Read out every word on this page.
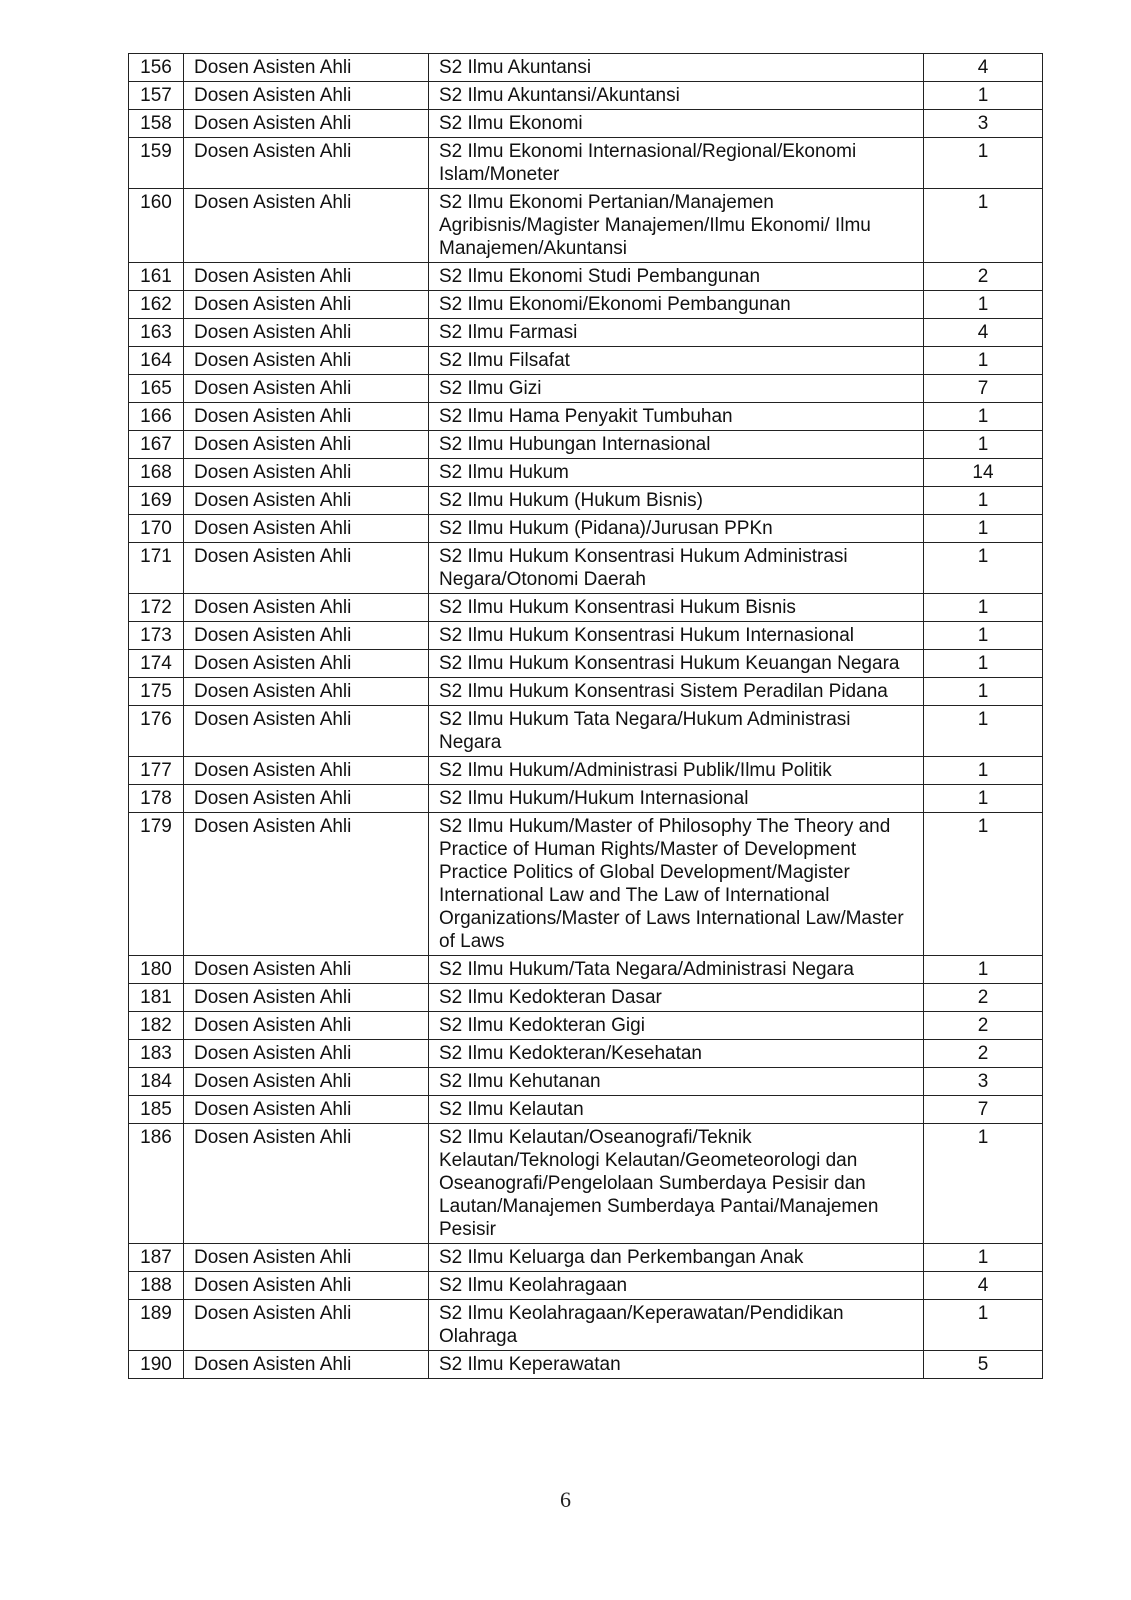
156	Dosen Asisten Ahli	S2 Ilmu Akuntansi	4
157	Dosen Asisten Ahli	S2 Ilmu Akuntansi/Akuntansi	1
158	Dosen Asisten Ahli	S2 Ilmu Ekonomi	3
159	Dosen Asisten Ahli	S2 Ilmu Ekonomi Internasional/Regional/Ekonomi Islam/Moneter	1
160	Dosen Asisten Ahli	S2 Ilmu Ekonomi Pertanian/Manajemen Agribisnis/Magister Manajemen/Ilmu Ekonomi/ Ilmu Manajemen/Akuntansi	1
161	Dosen Asisten Ahli	S2 Ilmu Ekonomi Studi Pembangunan	2
162	Dosen Asisten Ahli	S2 Ilmu Ekonomi/Ekonomi Pembangunan	1
163	Dosen Asisten Ahli	S2 Ilmu Farmasi	4
164	Dosen Asisten Ahli	S2 Ilmu Filsafat	1
165	Dosen Asisten Ahli	S2 Ilmu Gizi	7
166	Dosen Asisten Ahli	S2 Ilmu Hama Penyakit Tumbuhan	1
167	Dosen Asisten Ahli	S2 Ilmu Hubungan Internasional	1
168	Dosen Asisten Ahli	S2 Ilmu Hukum	14
169	Dosen Asisten Ahli	S2 Ilmu Hukum (Hukum Bisnis)	1
170	Dosen Asisten Ahli	S2 Ilmu Hukum (Pidana)/Jurusan PPKn	1
171	Dosen Asisten Ahli	S2 Ilmu Hukum Konsentrasi Hukum Administrasi Negara/Otonomi Daerah	1
172	Dosen Asisten Ahli	S2 Ilmu Hukum Konsentrasi Hukum Bisnis	1
173	Dosen Asisten Ahli	S2 Ilmu Hukum Konsentrasi Hukum Internasional	1
174	Dosen Asisten Ahli	S2 Ilmu Hukum Konsentrasi Hukum Keuangan Negara	1
175	Dosen Asisten Ahli	S2 Ilmu Hukum Konsentrasi Sistem Peradilan Pidana	1
176	Dosen Asisten Ahli	S2 Ilmu Hukum Tata Negara/Hukum Administrasi Negara	1
177	Dosen Asisten Ahli	S2 Ilmu Hukum/Administrasi Publik/Ilmu Politik	1
178	Dosen Asisten Ahli	S2 Ilmu Hukum/Hukum Internasional	1
179	Dosen Asisten Ahli	S2 Ilmu Hukum/Master of Philosophy The Theory and Practice of Human Rights/Master of Development Practice Politics of Global Development/Magister International Law and The Law of International Organizations/Master of Laws International Law/Master of Laws	1
180	Dosen Asisten Ahli	S2 Ilmu Hukum/Tata Negara/Administrasi Negara	1
181	Dosen Asisten Ahli	S2 Ilmu Kedokteran Dasar	2
182	Dosen Asisten Ahli	S2 Ilmu Kedokteran Gigi	2
183	Dosen Asisten Ahli	S2 Ilmu Kedokteran/Kesehatan	2
184	Dosen Asisten Ahli	S2 Ilmu Kehutanan	3
185	Dosen Asisten Ahli	S2 Ilmu Kelautan	7
186	Dosen Asisten Ahli	S2 Ilmu Kelautan/Oseanografi/Teknik Kelautan/Teknologi Kelautan/Geometeorologi dan Oseanografi/Pengelolaan Sumberdaya Pesisir dan Lautan/Manajemen Sumberdaya Pantai/Manajemen Pesisir	1
187	Dosen Asisten Ahli	S2 Ilmu Keluarga dan Perkembangan Anak	1
188	Dosen Asisten Ahli	S2 Ilmu Keolahragaan	4
189	Dosen Asisten Ahli	S2 Ilmu Keolahragaan/Keperawatan/Pendidikan Olahraga	1
190	Dosen Asisten Ahli	S2 Ilmu Keperawatan	5
6
